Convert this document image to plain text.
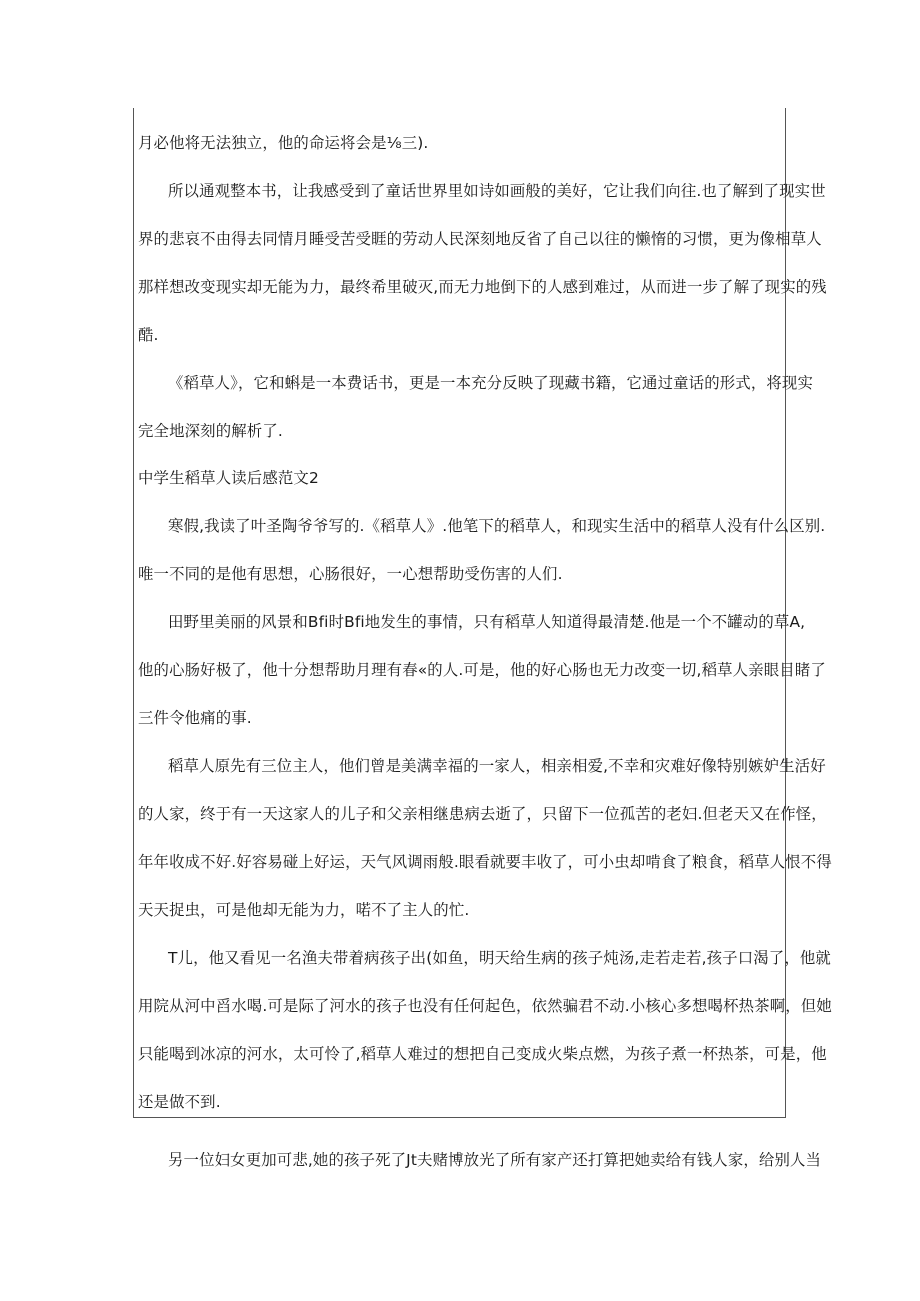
月必他将无法独立，他的命运将会是⅛三).
所以通观整本书，让我感受到了童话世界里如诗如画般的美好，它让我们向往.也了解到了现实世
界的悲哀不由得去同情月睡受苦受睚的劳动人民深刻地反省了自己以往的懒惰的习惯，更为像相草人
那样想改变现实却无能为力，最终希里破灭,而无力地倒下的人感到难过，从而进一步了解了现实的残
酷.
《稻草人》，它和蝌是一本费话书，更是一本充分反映了现藏书籍，它通过童话的形式，将现实
完全地深刻的解析了.
中学生稻草人读后感范文2
寒假,我读了叶圣陶爷爷写的.《稻草人》.他笔下的稻草人，和现实生活中的稻草人没有什么区别.
唯一不同的是他有思想，心肠很好，一心想帮助受伤害的人们.
田野里美丽的风景和Bfi时Bfi地发生的事情，只有稻草人知道得最清楚.他是一个不罐动的草A,
他的心肠好极了，他十分想帮助月理有春«的人.可是，他的好心肠也无力改变一切,稻草人亲眼目睹了
三件令他痛的事.
稻草人原先有三位主人，他们曾是美满幸福的一家人，相亲相爱,不幸和灾难好像特别嫉妒生活好
的人家，终于有一天这家人的儿子和父亲相继患病去逝了，只留下一位孤苦的老妇.但老天又在作怪，
年年收成不好.好容易碰上好运，天气风调雨般.眼看就要丰收了，可小虫却啃食了粮食，稻草人恨不得
天天捉虫，可是他却无能为力，喏不了主人的忙.
T儿，他又看见一名渔夫带着病孩子出(如鱼，明天给生病的孩子炖汤,走若走若,孩子口渴了，他就
用院从河中舀水喝.可是际了河水的孩子也没有任何起色，依然骗君不动.小核心多想喝杯热茶啊，但她
只能喝到冰凉的河水，太可怜了,稻草人难过的想把自己变成火柴点燃，为孩子煮一杯热茶，可是，他
还是做不到.
另一位妇女更加可悲,她的孩子死了Jt夫赌博放光了所有家产还打算把她卖给有钱人家，给别人当
